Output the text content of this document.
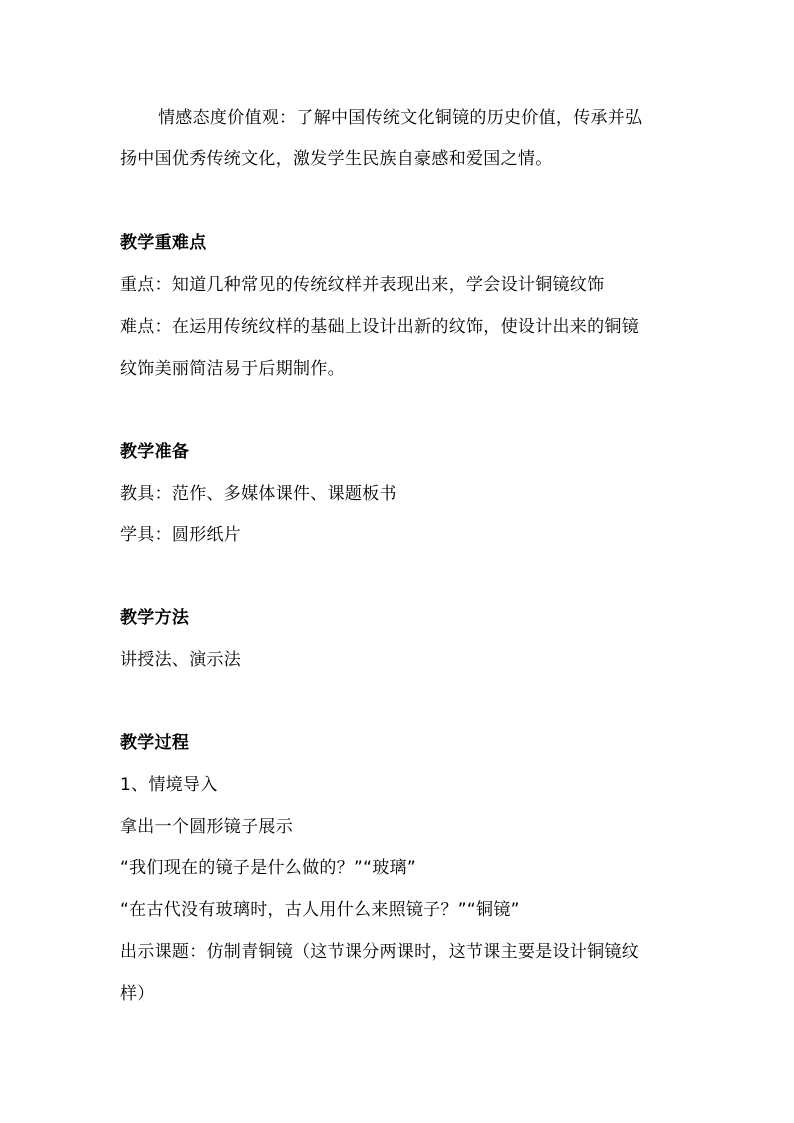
情感态度价值观：了解中国传统文化铜镜的历史价值，传承并弘
扬中国优秀传统文化，激发学生民族自豪感和爱国之情。
教学重难点
重点：知道几种常见的传统纹样并表现出来，学会设计铜镜纹饰
难点：在运用传统纹样的基础上设计出新的纹饰，使设计出来的铜镜
纹饰美丽简洁易于后期制作。
教学准备
教具：范作、多媒体课件、课题板书
学具：圆形纸片
教学方法
讲授法、演示法
教学过程
1、情境导入
拿出一个圆形镜子展示
“我们现在的镜子是什么做的？”“玻璃”
“在古代没有玻璃时，古人用什么来照镜子？”“铜镜”
出示课题：仿制青铜镜（这节课分两课时，这节课主要是设计铜镜纹
样）
